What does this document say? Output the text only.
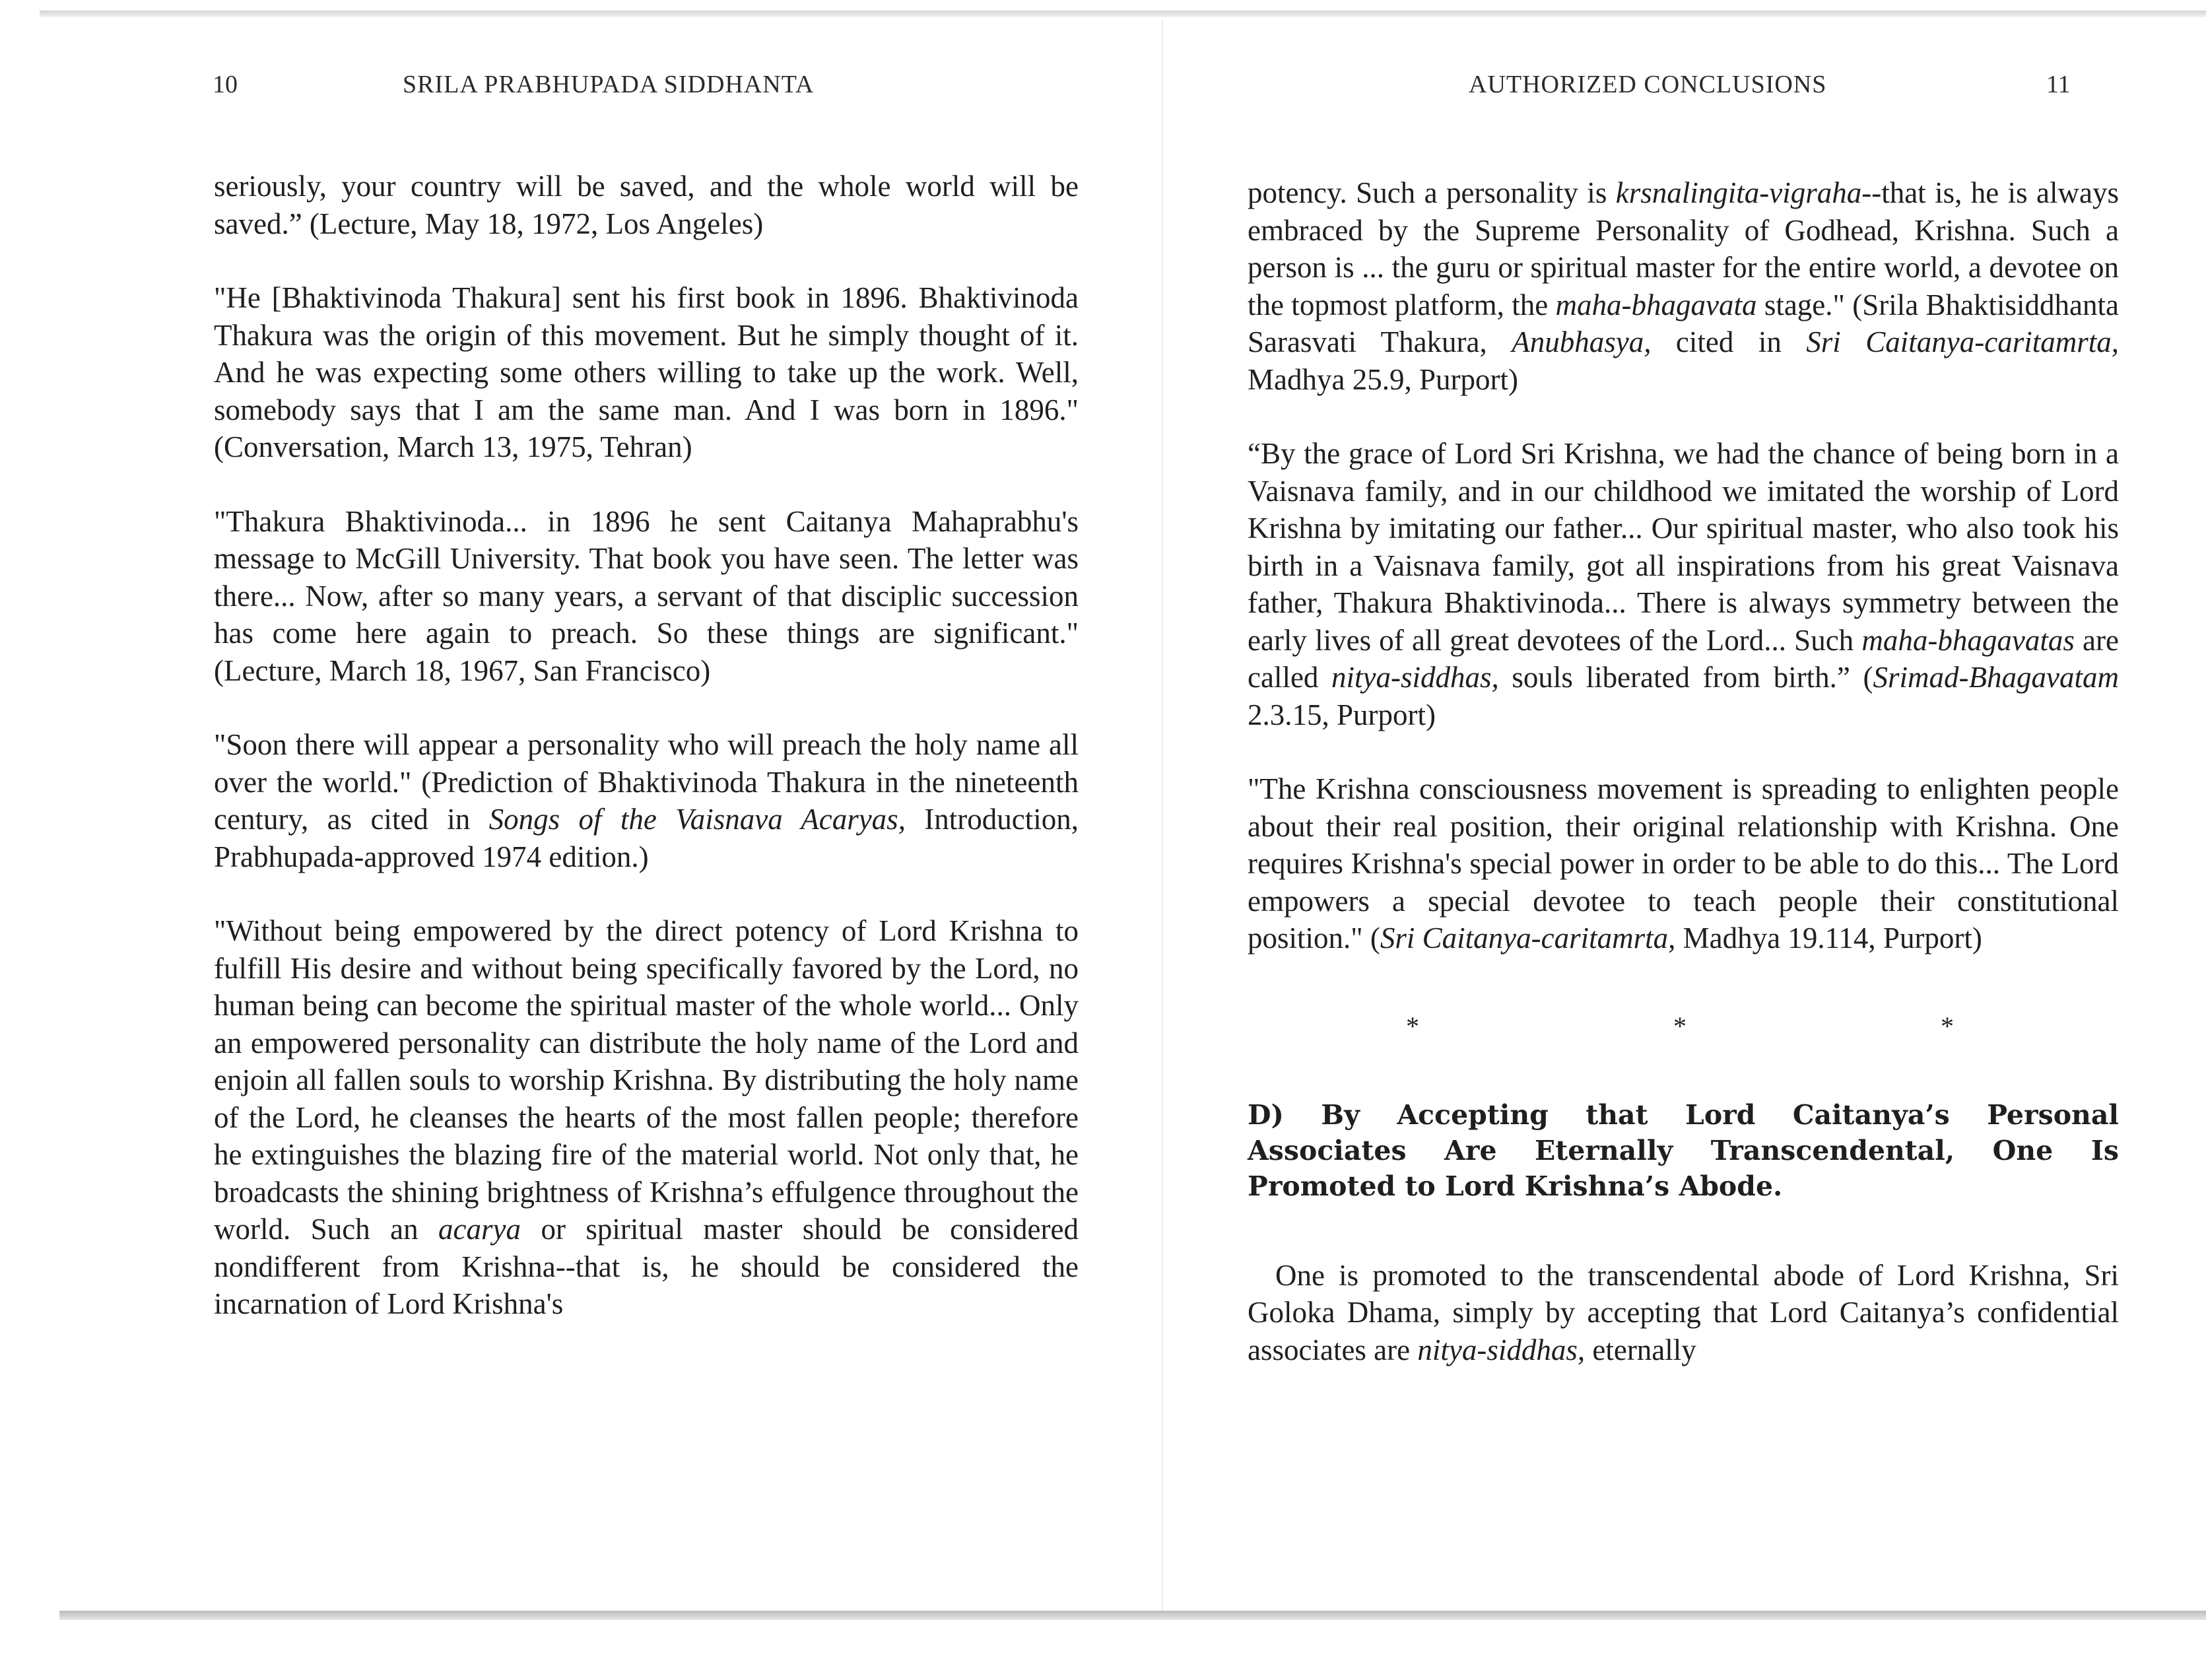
10	SRILA PRABHUPADA SIDDHANTA

seriously, your country will be saved, and the whole world will be saved.” (Lecture, May 18, 1972, Los Angeles)

"He [Bhaktivinoda Thakura] sent his first book in 1896. Bhaktivinoda Thakura was the origin of this movement. But he simply thought of it. And he was expecting some others willing to take up the work. Well, somebody says that I am the same man. And I was born in 1896." (Conversation, March 13, 1975, Tehran)

"Thakura Bhaktivinoda... in 1896 he sent Caitanya Mahaprabhu's message to McGill University. That book you have seen. The letter was there... Now, after so many years, a servant of that disciplic succession has come here again to preach. So these things are significant." (Lecture, March 18, 1967, San Francisco)

"Soon there will appear a personality who will preach the holy name all over the world." (Prediction of Bhaktivinoda Thakura in the nineteenth century, as cited in Songs of the Vaisnava Acaryas, Introduction, Prabhupada-approved 1974 edition.)

"Without being empowered by the direct potency of Lord Krishna to fulfill His desire and without being specifically favored by the Lord, no human being can become the spiritual master of the whole world... Only an empowered personality can distribute the holy name of the Lord and enjoin all fallen souls to worship Krishna. By distributing the holy name of the Lord, he cleanses the hearts of the most fallen people; therefore he extinguishes the blazing fire of the material world. Not only that, he broadcasts the shining brightness of Krishna’s effulgence throughout the world. Such an acarya or spiritual master should be considered nondifferent from Krishna--that is, he should be considered the incarnation of Lord Krishna's

AUTHORIZED CONCLUSIONS	11

potency. Such a personality is krsnalingita-vigraha--that is, he is always embraced by the Supreme Personality of Godhead, Krishna. Such a person is ... the guru or spiritual master for the entire world, a devotee on the topmost platform, the maha-bhagavata stage." (Srila Bhaktisiddhanta Sarasvati Thakura, Anubhasya, cited in Sri Caitanya-caritamrta, Madhya 25.9, Purport)

“By the grace of Lord Sri Krishna, we had the chance of being born in a Vaisnava family, and in our childhood we imitated the worship of Lord Krishna by imitating our father... Our spiritual master, who also took his birth in a Vaisnava family, got all inspirations from his great Vaisnava father, Thakura Bhaktivinoda... There is always symmetry between the early lives of all great devotees of the Lord... Such maha-bhagavatas are called nitya-siddhas, souls liberated from birth.” (Srimad-Bhagavatam 2.3.15, Purport)

"The Krishna consciousness movement is spreading to enlighten people about their real position, their original relationship with Krishna. One requires Krishna's special power in order to be able to do this... The Lord empowers a special devotee to teach people their constitutional position." (Sri Caitanya-caritamrta, Madhya 19.114, Purport)

*	*	*
D) By Accepting that Lord Caitanya’s Personal Associates Are Eternally Transcendental, One Is Promoted to Lord Krishna’s Abode.

One is promoted to the transcendental abode of Lord Krishna, Sri Goloka Dhama, simply by accepting that Lord Caitanya’s confidential associates are nitya-siddhas, eternally
